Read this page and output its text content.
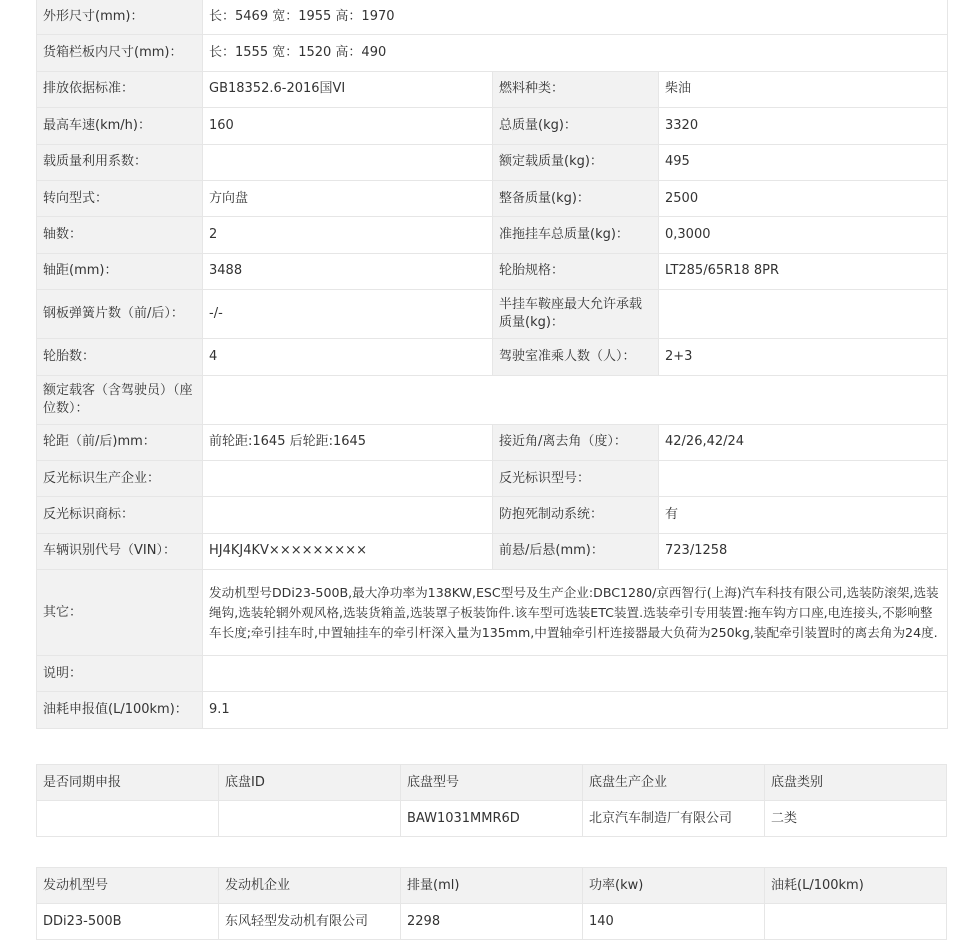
外形尺寸(mm)：	长：5469 宽：1955 高：1970		
货箱栏板内尺寸(mm)：	长：1555 宽：1520 高：490		
排放依据标准：	GB18352.6-2016国VI	燃料种类：	柴油
最高车速(km/h)：	160	总质量(kg)：	3320
载质量利用系数：		额定载质量(kg)：	495
转向型式：	方向盘	整备质量(kg)：	2500
轴数：	2	准拖挂车总质量(kg)：	0,3000
轴距(mm)：	3488	轮胎规格：	LT285/65R18 8PR
钢板弹簧片数（前/后）：	-/-	半挂车鞍座最大允许承载质量(kg)：	
轮胎数：	4	驾驶室准乘人数（人）：	2+3
额定载客（含驾驶员）（座位数）：			
轮距（前/后)mm：	前轮距:1645 后轮距:1645	接近角/离去角（度）：	42/26,42/24
反光标识生产企业：		反光标识型号：	
反光标识商标：		防抱死制动系统：	有
车辆识别代号（VIN）：	HJ4KJ4KV×××××××××	前悬/后悬(mm)：	723/1258
其它：	发动机型号DDi23-500B,最大净功率为138KW,ESC型号及生产企业:DBC1280/京西智行(上海)汽车科技有限公司,选装防滚架,选装绳钩,选装轮辋外观风格,选装货箱盖,选装罩子板装饰件.该车型可选装ETC装置.选装牵引专用装置:拖车钩方口座,电连接头,不影响整车长度;牵引挂车时,中置轴挂车的牵引杆深入量为135mm,中置轴牵引杆连接器最大负荷为250kg,装配牵引装置时的离去角为24度.		
说明：			
油耗申报值(L/100km)：	9.1		
是否同期申报	底盘ID	底盘型号	底盘生产企业	底盘类别
		BAW1031MMR6D	北京汽车制造厂有限公司	二类
发动机型号	发动机企业	排量(ml)	功率(kw)	油耗(L/100km)
DDi23-500B	东风轻型发动机有限公司	2298	140	
